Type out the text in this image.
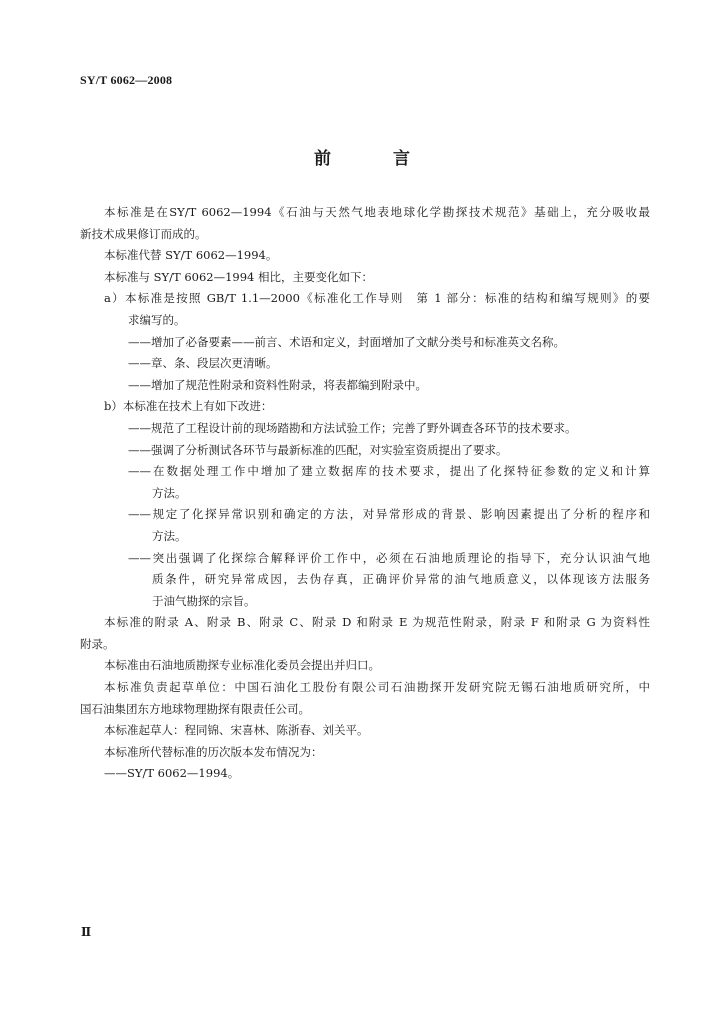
SY/T 6062—2008
前 言
本标准是在SY/T 6062—1994《石油与天然气地表地球化学勘探技术规范》基础上，充分吸收最
新技术成果修订而成的。
本标准代替 SY/T 6062—1994。
本标准与 SY/T 6062—1994 相比，主要变化如下：
a）本标准是按照 GB/T 1.1—2000《标准化工作导则　第 1 部分：标准的结构和编写规则》的要
求编写的。
——增加了必备要素——前言、术语和定义，封面增加了文献分类号和标准英文名称。
——章、条、段层次更清晰。
——增加了规范性附录和资料性附录，将表都编到附录中。
b）本标准在技术上有如下改进：
——规范了工程设计前的现场踏勘和方法试验工作；完善了野外调查各环节的技术要求。
——强调了分析测试各环节与最新标准的匹配，对实验室资质提出了要求。
——在数据处理工作中增加了建立数据库的技术要求，提出了化探特征参数的定义和计算
方法。
——规定了化探异常识别和确定的方法，对异常形成的背景、影响因素提出了分析的程序和
方法。
——突出强调了化探综合解释评价工作中，必须在石油地质理论的指导下，充分认识油气地
质条件，研究异常成因，去伪存真，正确评价异常的油气地质意义，以体现该方法服务
于油气勘探的宗旨。
本标准的附录 A、附录 B、附录 C、附录 D 和附录 E 为规范性附录，附录 F 和附录 G 为资料性
附录。
本标准由石油地质勘探专业标准化委员会提出并归口。
本标准负责起草单位：中国石油化工股份有限公司石油勘探开发研究院无锡石油地质研究所，中
国石油集团东方地球物理勘探有限责任公司。
本标准起草人：程同锦、宋喜林、陈浙春、刘关平。
本标准所代替标准的历次版本发布情况为：
——SY/T 6062—1994。
Ⅱ
